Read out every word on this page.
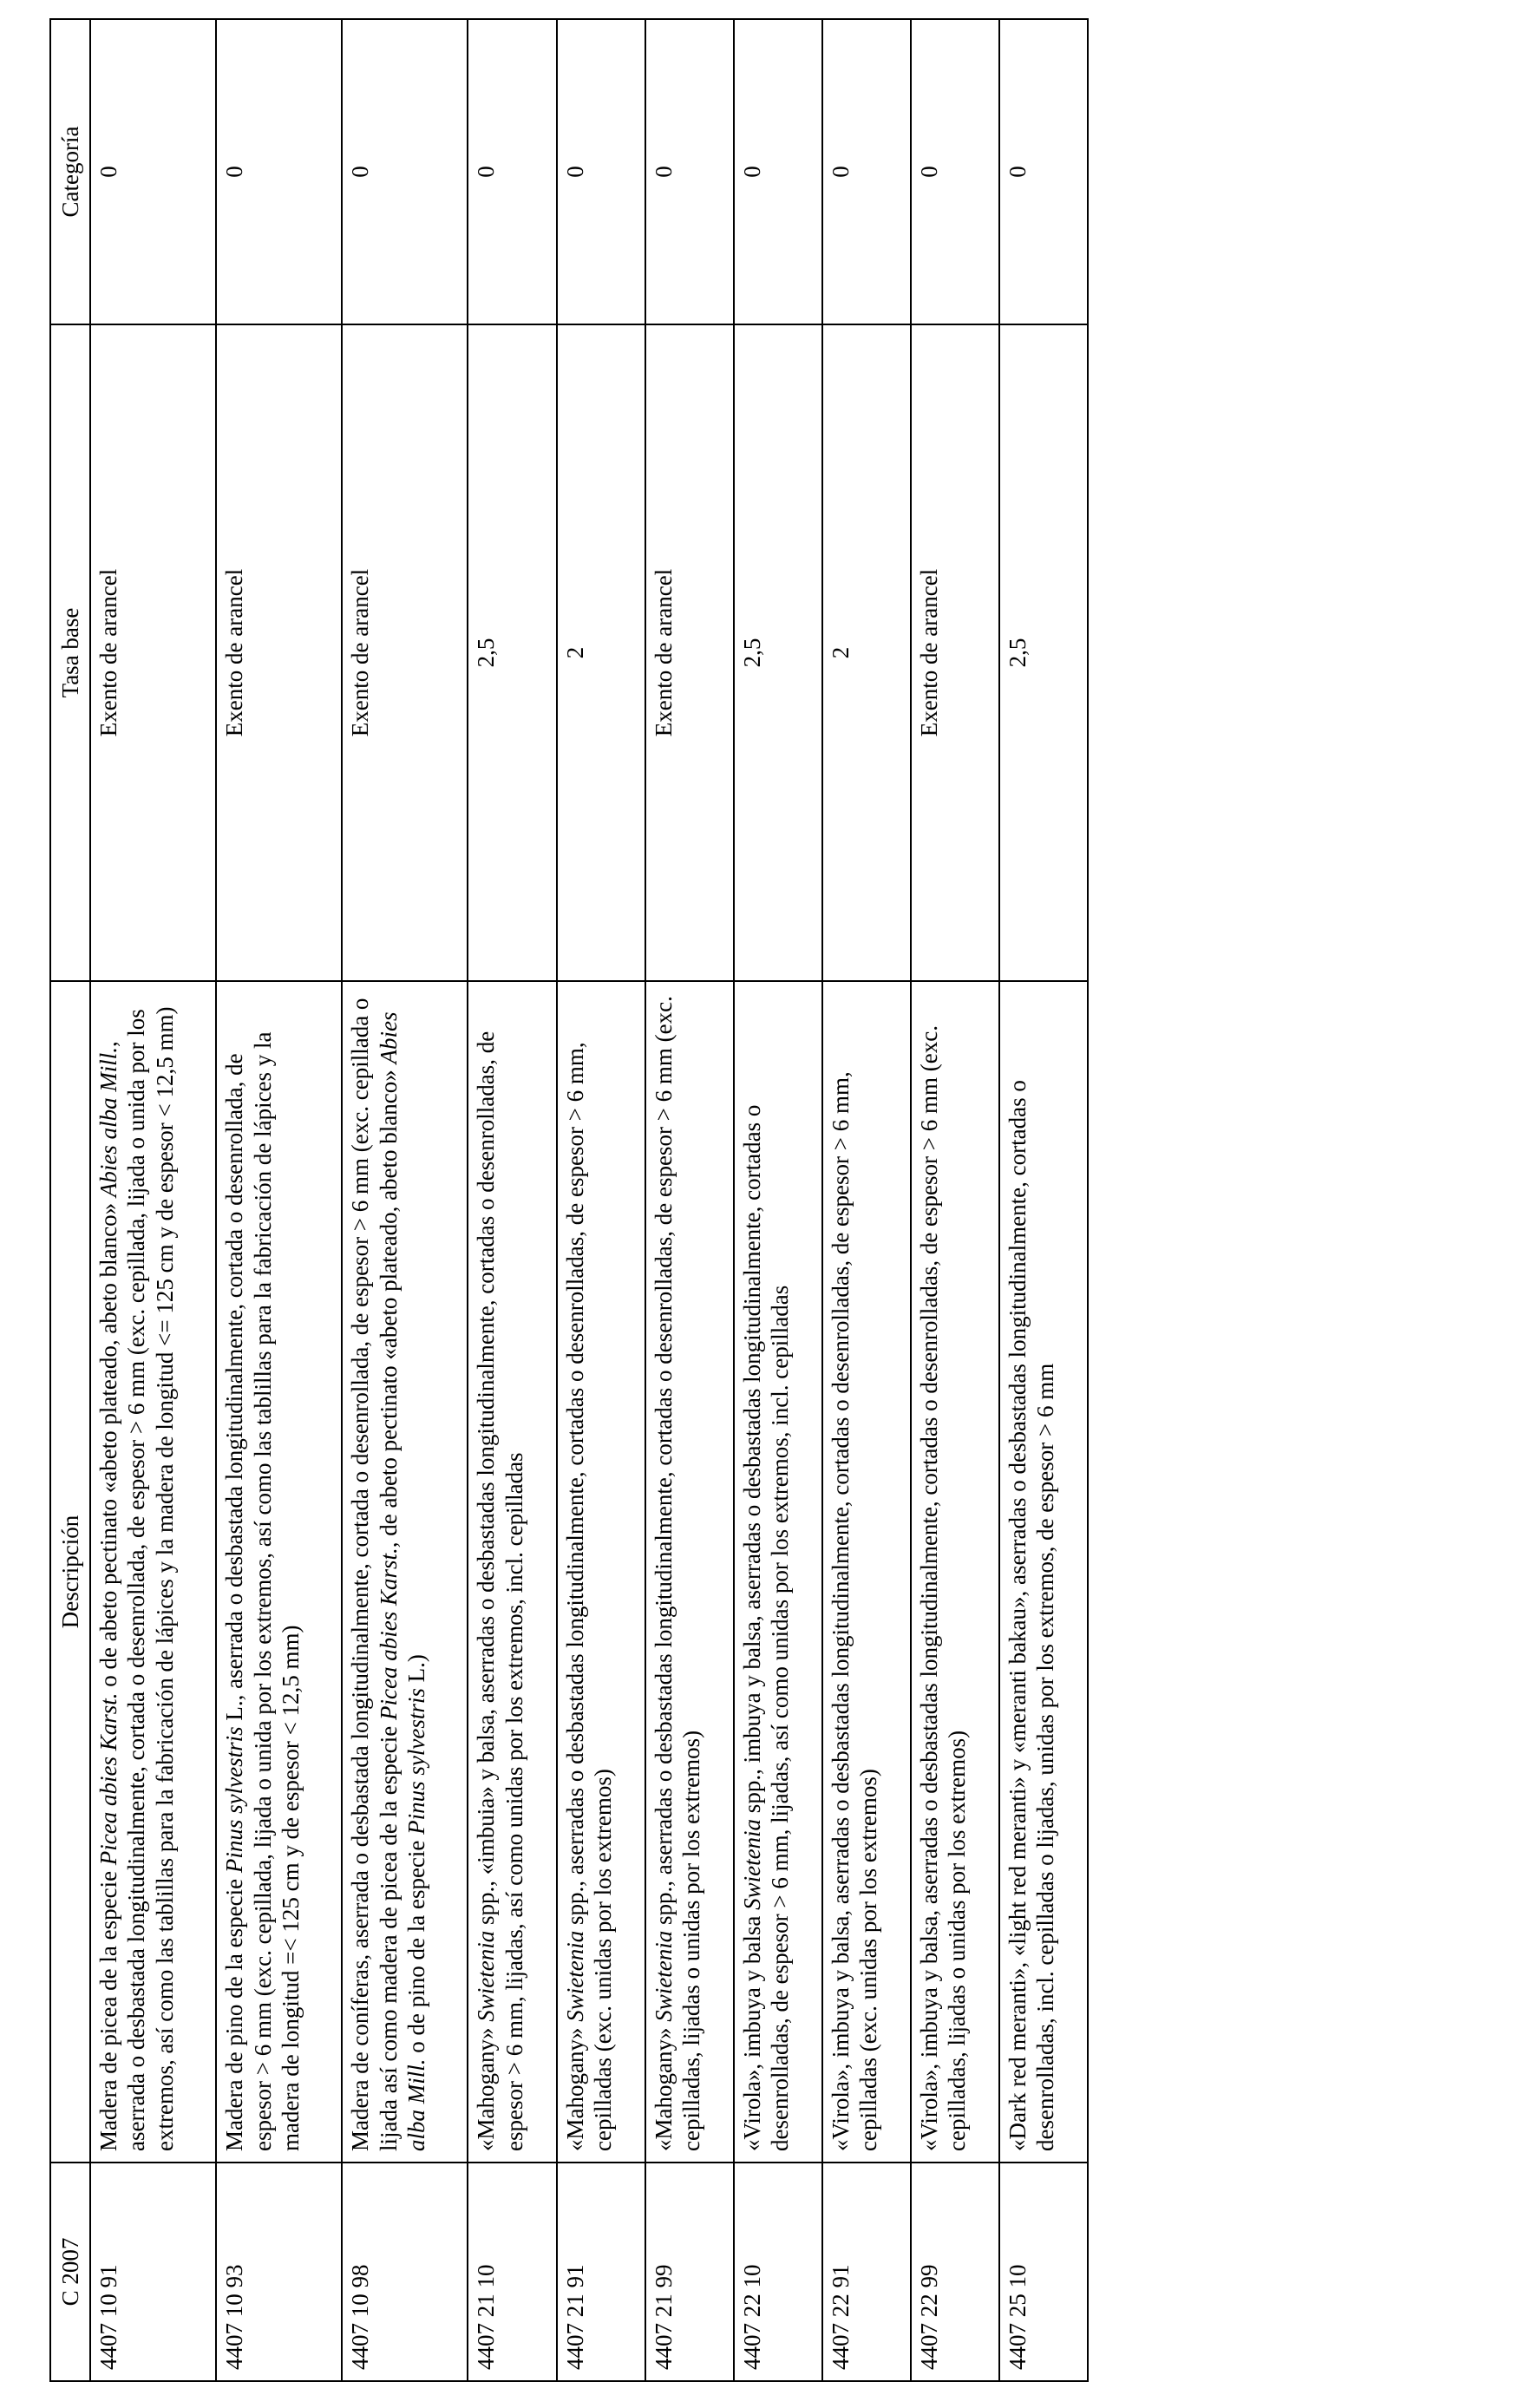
C 2007	Descripción	Tasa base	Categoría
4407 10 91	Madera de picea de la especie Picea abies Karst. o de abeto pectinato «abeto plateado, abeto blanco» Abies alba Mill., aserrada o desbastada longitudinalmente, cortada o desenrollada, de espesor > 6 mm (exc. cepillada, lijada o unida por los extremos, así como las tablillas para la fabricación de lápices y la madera de longitud <= 125 cm y de espesor < 12,5 mm)	Exento de arancel	0
4407 10 93	Madera de pino de la especie Pinus sylvestris L., aserrada o desbastada longitudinalmente, cortada o desenrollada, de espesor > 6 mm (exc. cepillada, lijada o unida por los extremos, así como las tablillas para la fabricación de lápices y la madera de longitud =< 125 cm y de espesor < 12,5 mm)	Exento de arancel	0
4407 10 98	Madera de coníferas, aserrada o desbastada longitudinalmente, cortada o desenrollada, de espesor > 6 mm (exc. cepillada o lijada así como madera de picea de la especie Picea abies Karst., de abeto pectinato «abeto plateado, abeto blanco» Abies alba Mill. o de pino de la especie Pinus sylvestris L.)	Exento de arancel	0
4407 21 10	«Mahogany» Swietenia spp., «imbuia» y balsa, aserradas o desbastadas longitudinalmente, cortadas o desenrolladas, de espesor > 6 mm, lijadas, así como unidas por los extremos, incl. cepilladas	2,5	0
4407 21 91	«Mahogany» Swietenia spp., aserradas o desbastadas longitudinalmente, cortadas o desenrolladas, de espesor > 6 mm, cepilladas (exc. unidas por los extremos)	2	0
4407 21 99	«Mahogany» Swietenia spp., aserradas o desbastadas longitudinalmente, cortadas o desenrolladas, de espesor > 6 mm (exc. cepilladas, lijadas o unidas por los extremos)	Exento de arancel	0
4407 22 10	«Virola», imbuya y balsa Swietenia spp., imbuya y balsa, aserradas o desbastadas longitudinalmente, cortadas o desenrolladas, de espesor > 6 mm, lijadas, así como unidas por los extremos, incl. cepilladas	2,5	0
4407 22 91	«Virola», imbuya y balsa, aserradas o desbastadas longitudinalmente, cortadas o desenrolladas, de espesor > 6 mm, cepilladas (exc. unidas por los extremos)	2	0
4407 22 99	«Virola», imbuya y balsa, aserradas o desbastadas longitudinalmente, cortadas o desenrolladas, de espesor > 6 mm (exc. cepilladas, lijadas o unidas por los extremos)	Exento de arancel	0
4407 25 10	«Dark red meranti», «light red meranti» y «meranti bakau», aserradas o desbastadas longitudinalmente, cortadas o desenrolladas, incl. cepilladas o lijadas, unidas por los extremos, de espesor > 6 mm	2,5	0
